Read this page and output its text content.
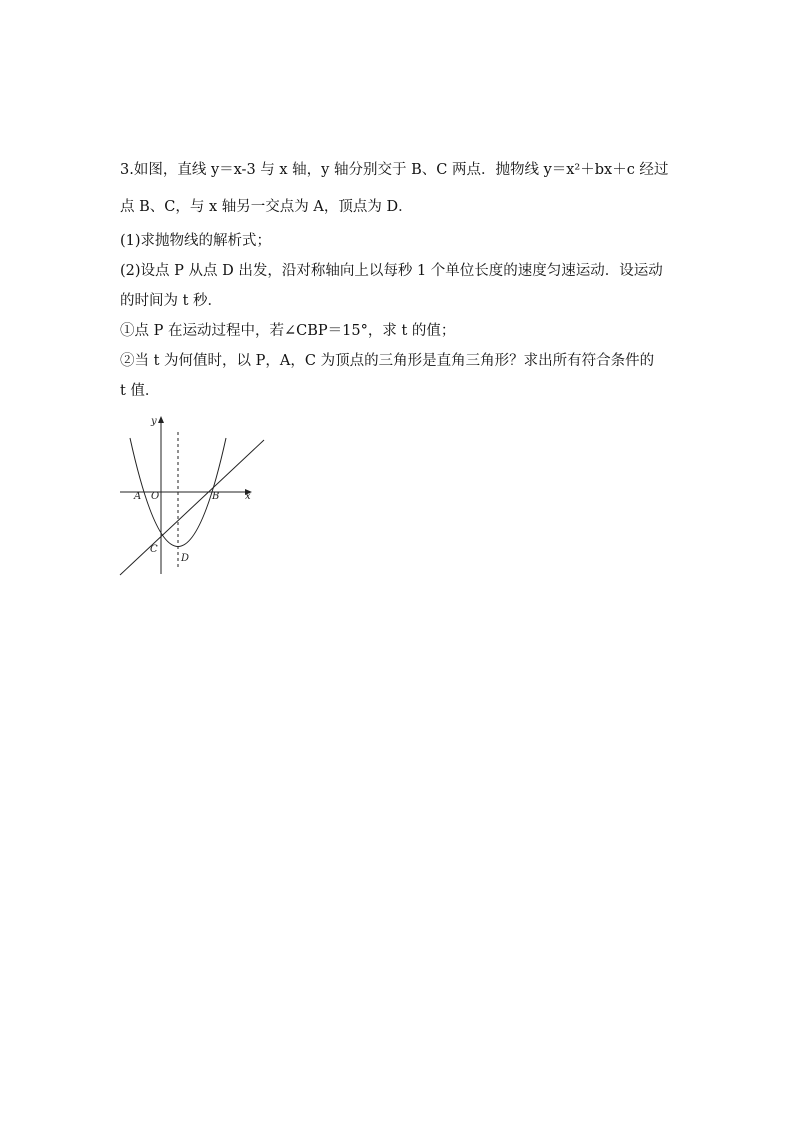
3.如图，直线 y＝x-3 与 x 轴，y 轴分别交于 B、C 两点．抛物线 y＝x²＋bx＋c 经过
点 B、C，与 x 轴另一交点为 A，顶点为 D．
(1)求抛物线的解析式；
(2)设点 P 从点 D 出发，沿对称轴向上以每秒 1 个单位长度的速度匀速运动．设运动
的时间为 t 秒．
①点 P 在运动过程中，若∠CBP＝15°，求 t 的值；
②当 t 为何值时，以 P，A，C 为顶点的三角形是直角三角形？求出所有符合条件的
t 值．
y
x
A O	B
C
D
